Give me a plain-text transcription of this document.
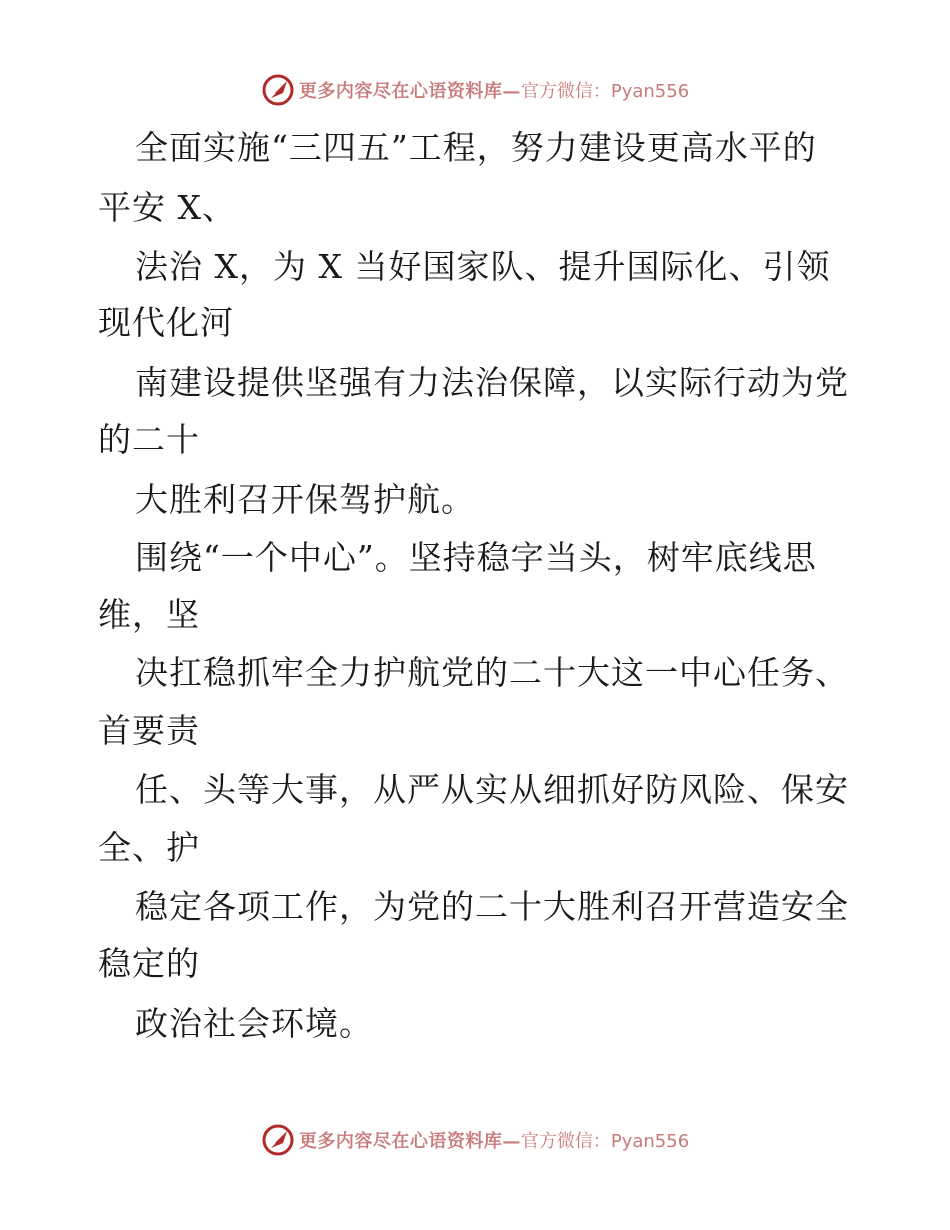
更多内容尽在心语资料库— 官方微信：Pyan556
全面实施“三四五”工程，努力建设更高水平的
平安 X、
法治 X，为 X 当好国家队、提升国际化、引领
现代化河
南建设提供坚强有力法治保障，以实际行动为党
的二十
大胜利召开保驾护航。
围绕“一个中心”。坚持稳字当头，树牢底线思
维，坚
决扛稳抓牢全力护航党的二十大这一中心任务、
首要责
任、头等大事，从严从实从细抓好防风险、保安
全、护
稳定各项工作，为党的二十大胜利召开营造安全
稳定的
政治社会环境。
更多内容尽在心语资料库— 官方微信：Pyan556
